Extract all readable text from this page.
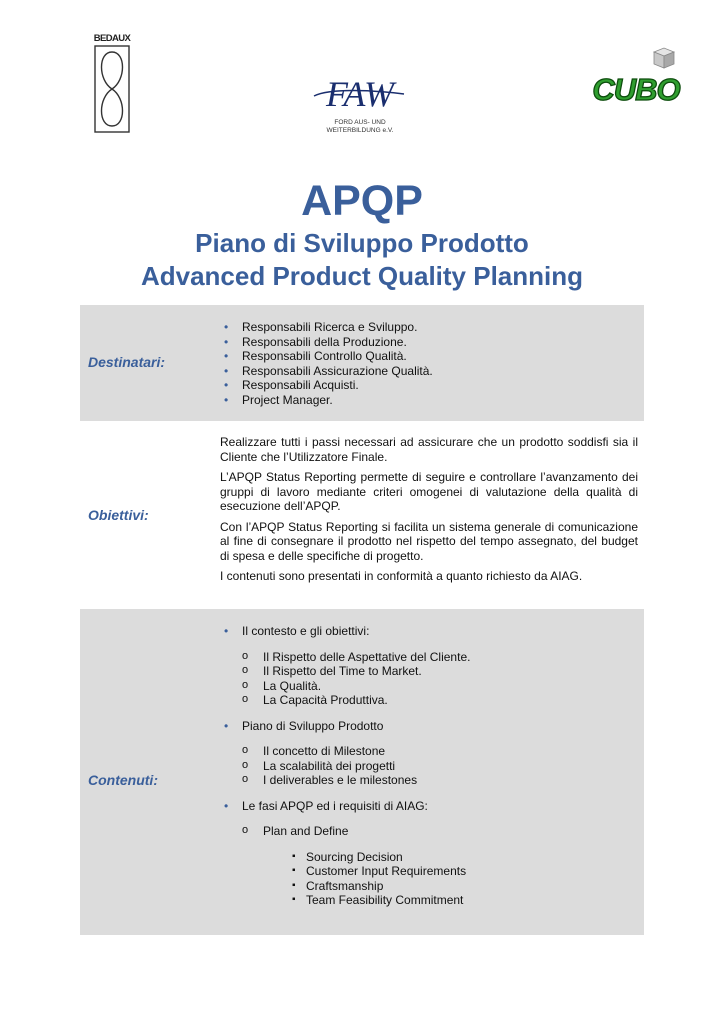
BEDAUX
FAW
FORD AUS- UND
WEITERBILDUNG e.V.
CUBO
APQP
Piano di Sviluppo Prodotto
Advanced Product Quality Planning
Destinatari:
• Responsabili Ricerca e Sviluppo.
• Responsabili della Produzione.
• Responsabili Controllo Qualità.
• Responsabili Assicurazione Qualità.
• Responsabili Acquisti.
• Project Manager.
Obiettivi:

Realizzare tutti i passi necessari ad assicurare che un prodotto soddisfi sia il Cliente che l’Utilizzatore Finale.

L’APQP Status Reporting permette di seguire e controllare l’avanzamento dei gruppi di lavoro mediante criteri omogenei di valutazione della qualità di esecuzione dell’APQP.

Con l’APQP Status Reporting si facilita un sistema generale di comunicazione al fine di consegnare il prodotto nel rispetto del tempo assegnato, del budget di spesa e delle specifiche di progetto.

I contenuti sono presentati in conformità a quanto richiesto da AIAG.

Contenuti:
• Il contesto e gli obiettivi:
o Il Rispetto delle Aspettative del Cliente.
o Il Rispetto del Time to Market.
o La Qualità.
o La Capacità Produttiva.
• Piano di Sviluppo Prodotto
o Il concetto di Milestone
o La scalabilità dei progetti
o I deliverables e le milestones
• Le fasi APQP ed i requisiti di AIAG:
o Plan and Define
▪ Sourcing Decision
▪ Customer Input Requirements
▪ Craftsmanship
▪ Team Feasibility Commitment
